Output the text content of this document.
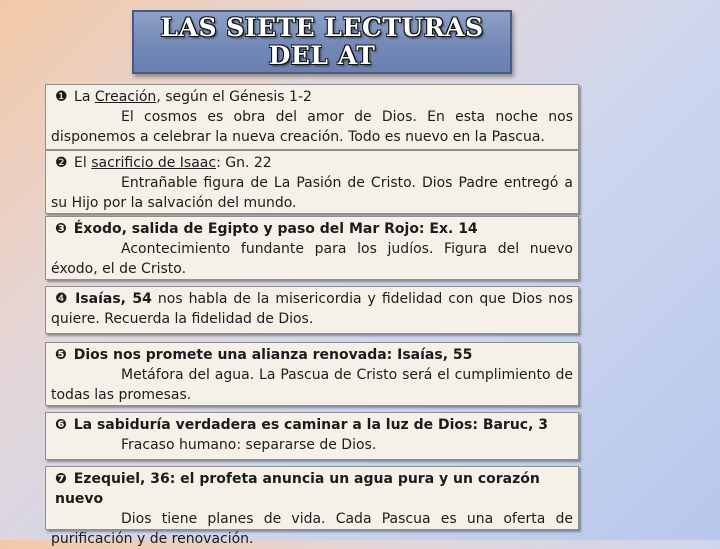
LAS SIETE LECTURAS
DEL AT
❶ La Creación, según el Génesis 1-2
El cosmos es obra del amor de Dios. En esta noche nos disponemos a celebrar la nueva creación. Todo es nuevo en la Pascua.
❷ El sacrificio de Isaac: Gn. 22
Entrañable figura de La Pasión de Cristo. Dios Padre entregó a su Hijo por la salvación del mundo.
❸ Éxodo, salida de Egipto y paso del Mar Rojo: Ex. 14
Acontecimiento fundante para los judíos. Figura del nuevo éxodo, el de Cristo.
❹ Isaías, 54 nos habla de la misericordia y fidelidad con que Dios nos quiere. Recuerda la fidelidad de Dios.
❺ Dios nos promete una alianza renovada: Isaías, 55
Metáfora del agua. La Pascua de Cristo será el cumplimiento de todas las promesas.
❻ La sabiduría verdadera es caminar a la luz de Dios: Baruc, 3
Fracaso humano: separarse de Dios.
❼ Ezequiel, 36: el profeta anuncia un agua pura y un corazón nuevo
Dios tiene planes de vida. Cada Pascua es una oferta de purificación y de renovación.
